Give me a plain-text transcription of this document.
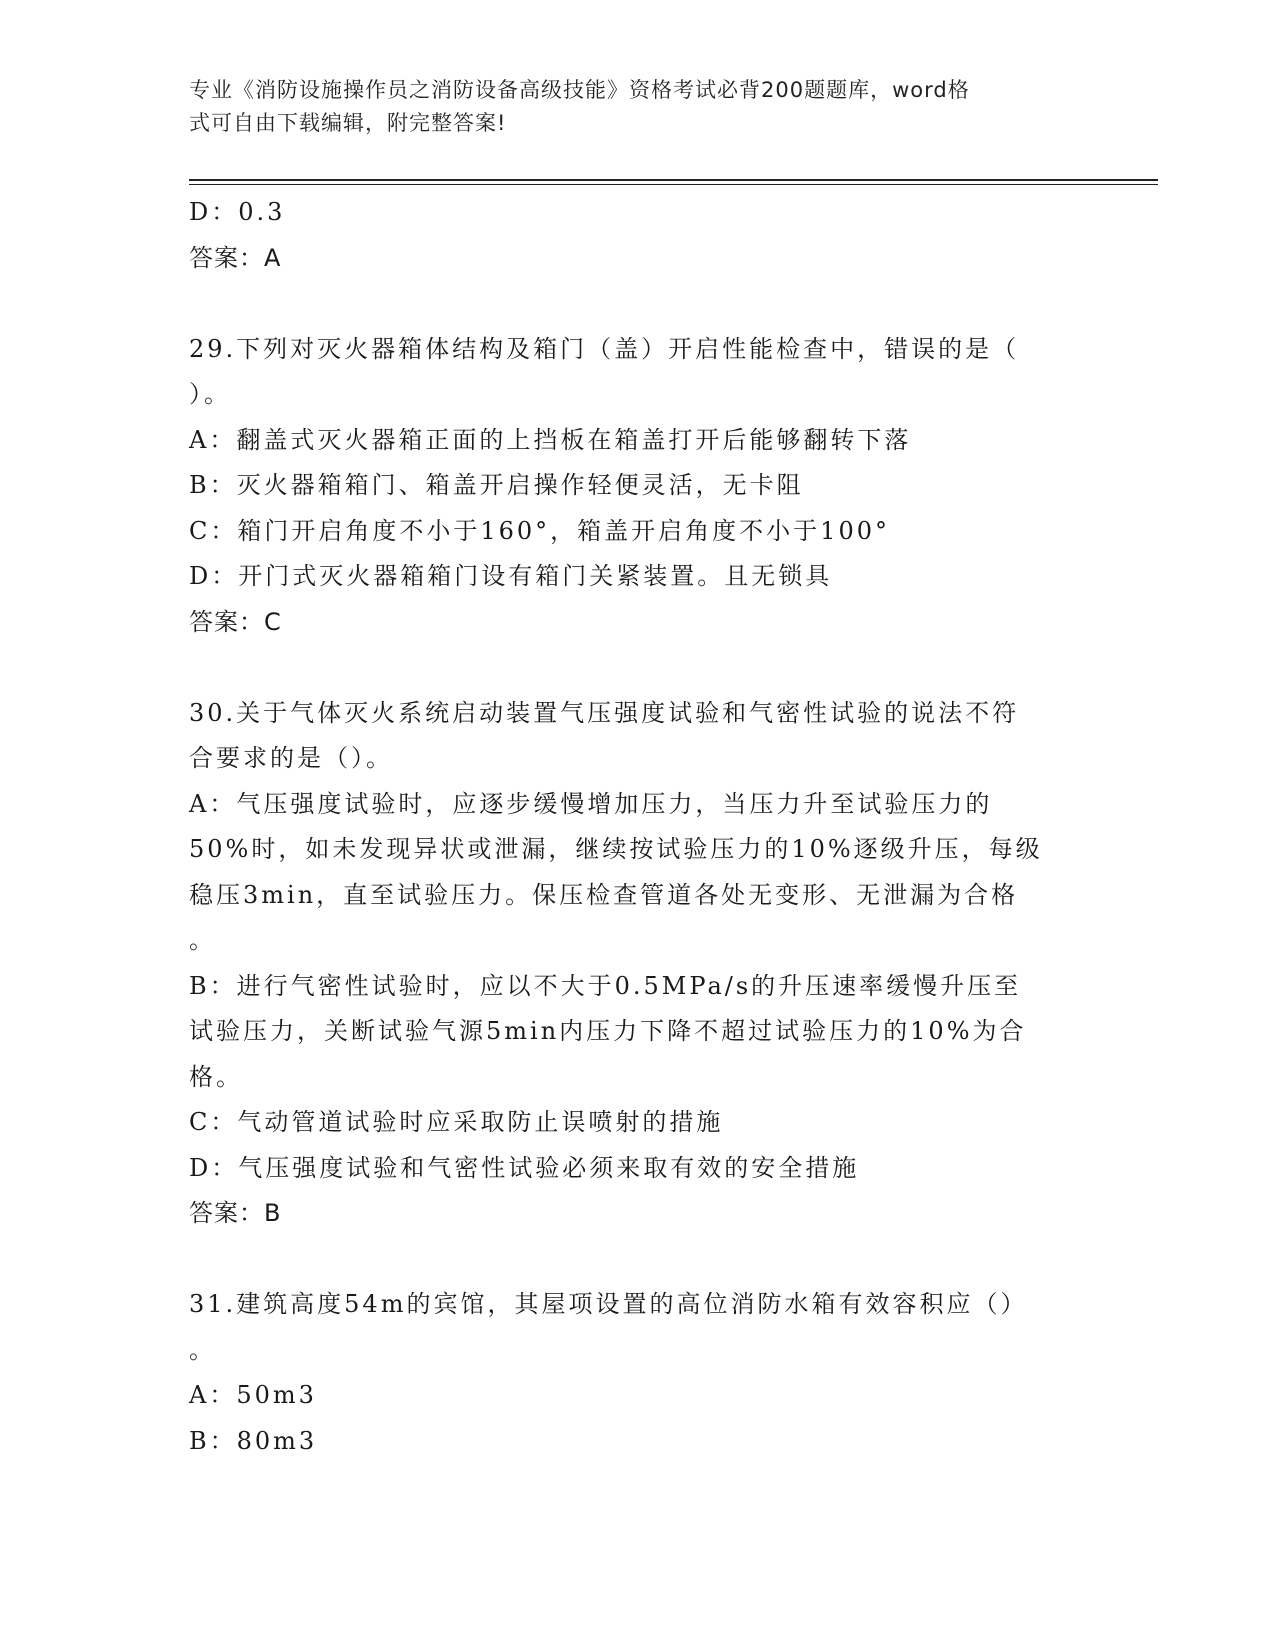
专业《消防设施操作员之消防设备高级技能》资格考试必背200题题库，word格
式可自由下载编辑，附完整答案!
D：0.3
答案：A
29.下列对灭火器箱体结构及箱门（盖）开启性能检查中，错误的是（
）。
A：翻盖式灭火器箱正面的上挡板在箱盖打开后能够翻转下落
B：灭火器箱箱门、箱盖开启操作轻便灵活，无卡阻
C：箱门开启角度不小于160°，箱盖开启角度不小于100°
D：开门式灭火器箱箱门设有箱门关紧装置。且无锁具
答案：C
30.关于气体灭火系统启动装置气压强度试验和气密性试验的说法不符
合要求的是（）。
A：气压强度试验时，应逐步缓慢增加压力，当压力升至试验压力的
50%时，如未发现异状或泄漏，继续按试验压力的10%逐级升压，每级
稳压3min，直至试验压力。保压检查管道各处无变形、无泄漏为合格
。
B：进行气密性试验时，应以不大于0.5MPa/s的升压速率缓慢升压至
试验压力，关断试验气源5min内压力下降不超过试验压力的10%为合
格。
C：气动管道试验时应采取防止误喷射的措施
D：气压强度试验和气密性试验必须来取有效的安全措施
答案：B
31.建筑高度54m的宾馆，其屋项设置的高位消防水箱有效容积应（）
。
A：50m3
B：80m3
